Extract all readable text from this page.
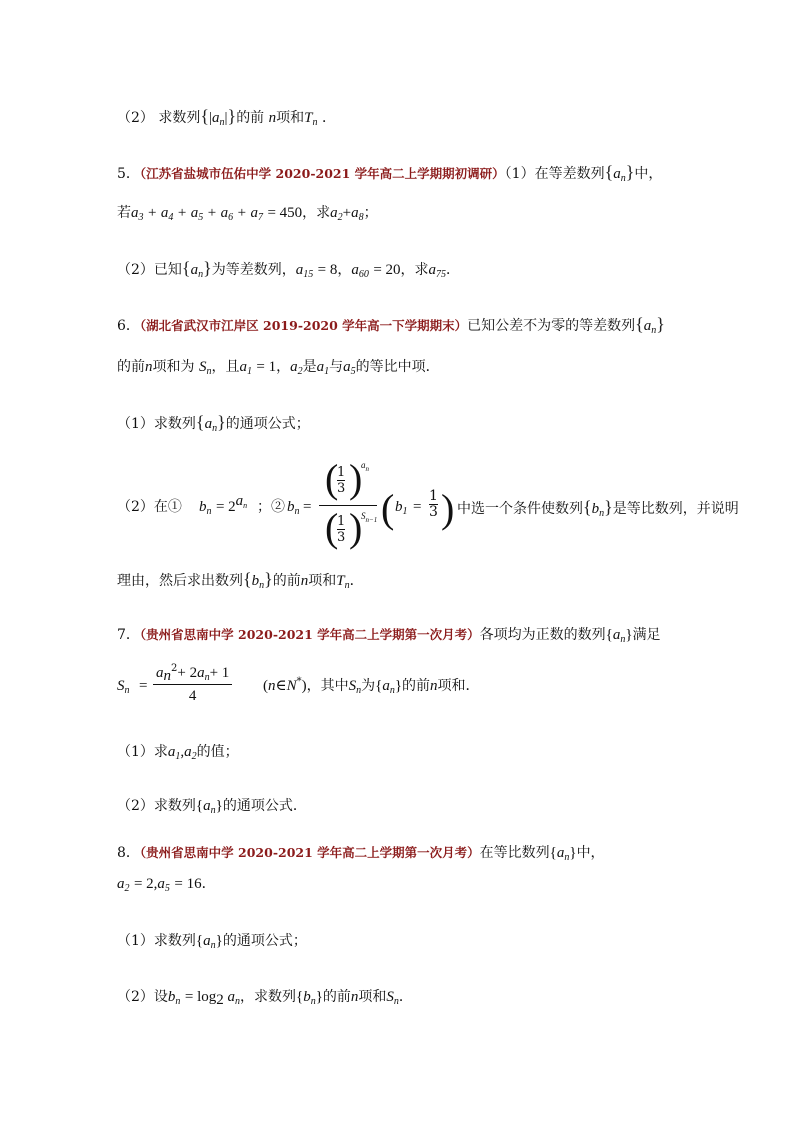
（2） 求数列$\{|a_n|\}$的前 n项和$T_n$ ．
5．（江苏省盐城市伍佑中学 2020-2021 学年高二上学期期初调研）（1）在等差数列$\{a_n\}$中，
若$a_3 + a_4 + a_5 + a_6 + a_7 = 450$，求$a_2+a_8$；
（2）已知$\{a_n\}$为等差数列，$a_{15} = 8$，$a_{60} = 20$，求$a_{75}$．
6．（湖北省武汉市江岸区 2019-2020 学年高一下学期期末）已知公差不为零的等差数列$\{a_n\}$
的前n项和为 $S_n$，且$a_1 = 1$，$a_2$是$a_1$与$a_5$的等比中项．
（1）求数列$\{a_n\}$的通项公式；
（2）在① $b_n = 2^{a_n}$ ；② $b_n$ =
(
$\frac{1}{3}$ )
$a_n$
(
$\frac{1}{3}$ )
$S_{n-1}$ ( $b_1 = \frac{1}{3}$ ) 中选一个条件使数列$\{b_n\}$是等比数列，并说明
理由，然后求出数列$\{b_n\}$的前n项和$T_n$．
7．（贵州省思南中学 2020-2021 学年高二上学期第一次月考）各项均为正数的数列$\{a_n\}$满足
$S_n = \frac{a_n^2+ 2a_n+ 1}{4}$ (n∈N*)，其中$S_n$为$\{a_n\}$的前n项和．
（1）求$a_1,a_2$的值；
（2）求数列$\{a_n\}$的通项公式．
8．（贵州省思南中学 2020-2021 学年高二上学期第一次月考）在等比数列$\{a_n\}$中，
$a_2 = 2,a_5 = 16$．
（1）求数列$\{a_n\}$的通项公式；
（2）设$b_n = \log_2 a_n$，求数列$\{b_n\}$的前n项和$S_n$．
